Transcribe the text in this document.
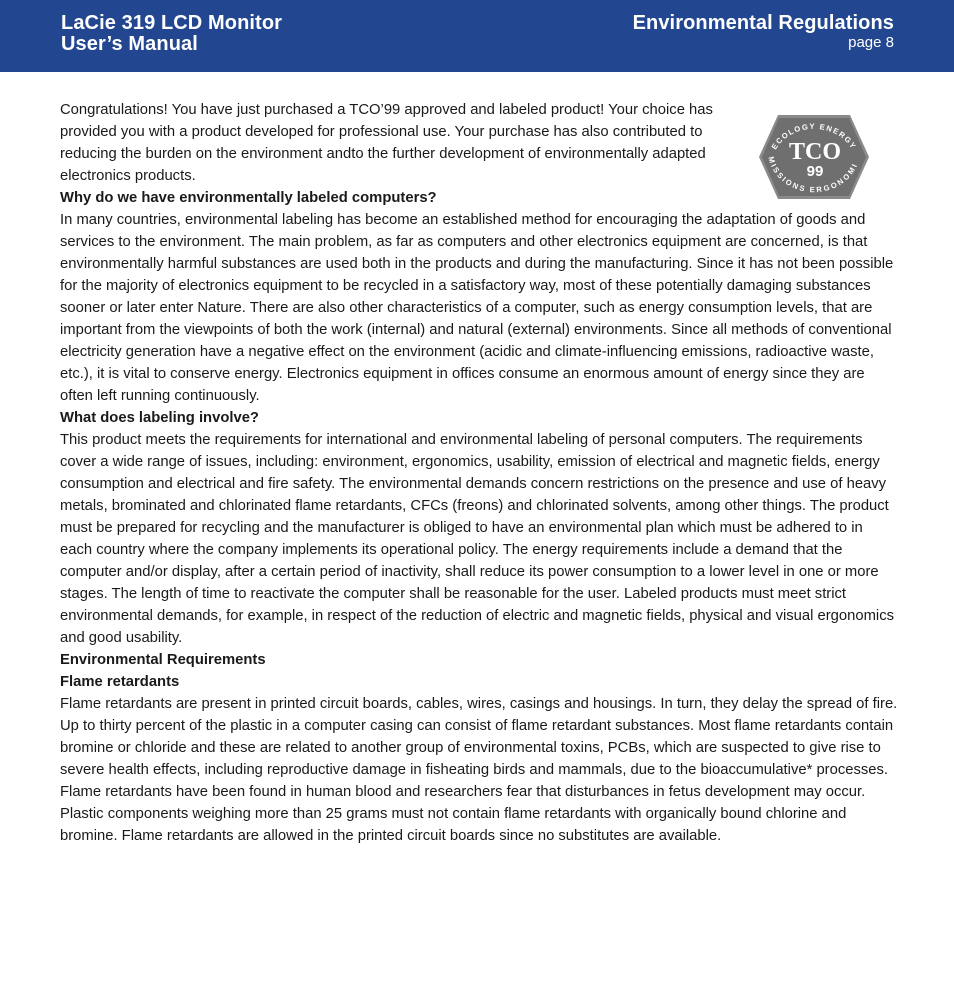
LaCie 319 LCD Monitor
User’s Manual
Environmental Regulations
page 8
ECOLOGY ENERGY
MISSIONS ERGONOMI
TCO
99

Congratulations! You have just purchased a TCO’99 approved and labeled product! Your choice has provided you with a product developed for professional use. Your purchase has also contributed to reducing the burden on the environment andto the further development of environmentally adapted electronics products.

Why do we have environmentally labeled computers?

In many countries, environmental labeling has become an established method for encouraging the adaptation of goods and services to the environment. The main problem, as far as computers and other electronics equipment are concerned, is that environmentally harmful substances are used both in the products and during the manufacturing. Since it has not been possible for the majority of electronics equipment to be recycled in a satisfactory way, most of these potentially damaging substances sooner or later enter Nature. There are also other characteristics of a computer, such as energy consumption levels, that are important from the viewpoints of both the work (internal) and natural (external) environments. Since all methods of conventional electricity generation have a negative effect on the environment (acidic and climate-influencing emissions, radioactive waste, etc.), it is vital to conserve energy. Electronics equipment in offices consume an enormous amount of energy since they are often left running continuously.

What does labeling involve?

This product meets the requirements for international and environmental labeling of personal computers. The requirements cover a wide range of issues, including: environment, ergonomics, usability, emission of electrical and magnetic fields, energy consumption and electrical and fire safety. The environmental demands concern restrictions on the presence and use of heavy metals, brominated and chlorinated flame retardants, CFCs (freons) and chlorinated solvents, among other things. The product must be prepared for recycling and the manufacturer is obliged to have an environmental plan which must be adhered to in each country where the company implements its operational policy. The energy requirements include a demand that the computer and/or display, after a certain period of inactivity, shall reduce its power consumption to a lower level in one or more stages. The length of time to reactivate the computer shall be reasonable for the user. Labeled products must meet strict environmental demands, for example, in respect of the reduction of electric and magnetic fields, physical and visual ergonomics and good usability.

Environmental Requirements

Flame retardants

Flame retardants are present in printed circuit boards, cables, wires, casings and housings. In turn, they delay the spread of fire. Up to thirty percent of the plastic in a computer casing can consist of flame retardant substances. Most flame retardants contain bromine or chloride and these are related to another group of environmental toxins, PCBs, which are suspected to give rise to severe health effects, including reproductive damage in fisheating birds and mammals, due to the bioaccumulative* processes. Flame retardants have been found in human blood and researchers fear that disturbances in fetus development may occur. Plastic components weighing more than 25 grams must not contain flame retardants with organically bound chlorine and bromine. Flame retardants are allowed in the printed circuit boards since no substitutes are available.
